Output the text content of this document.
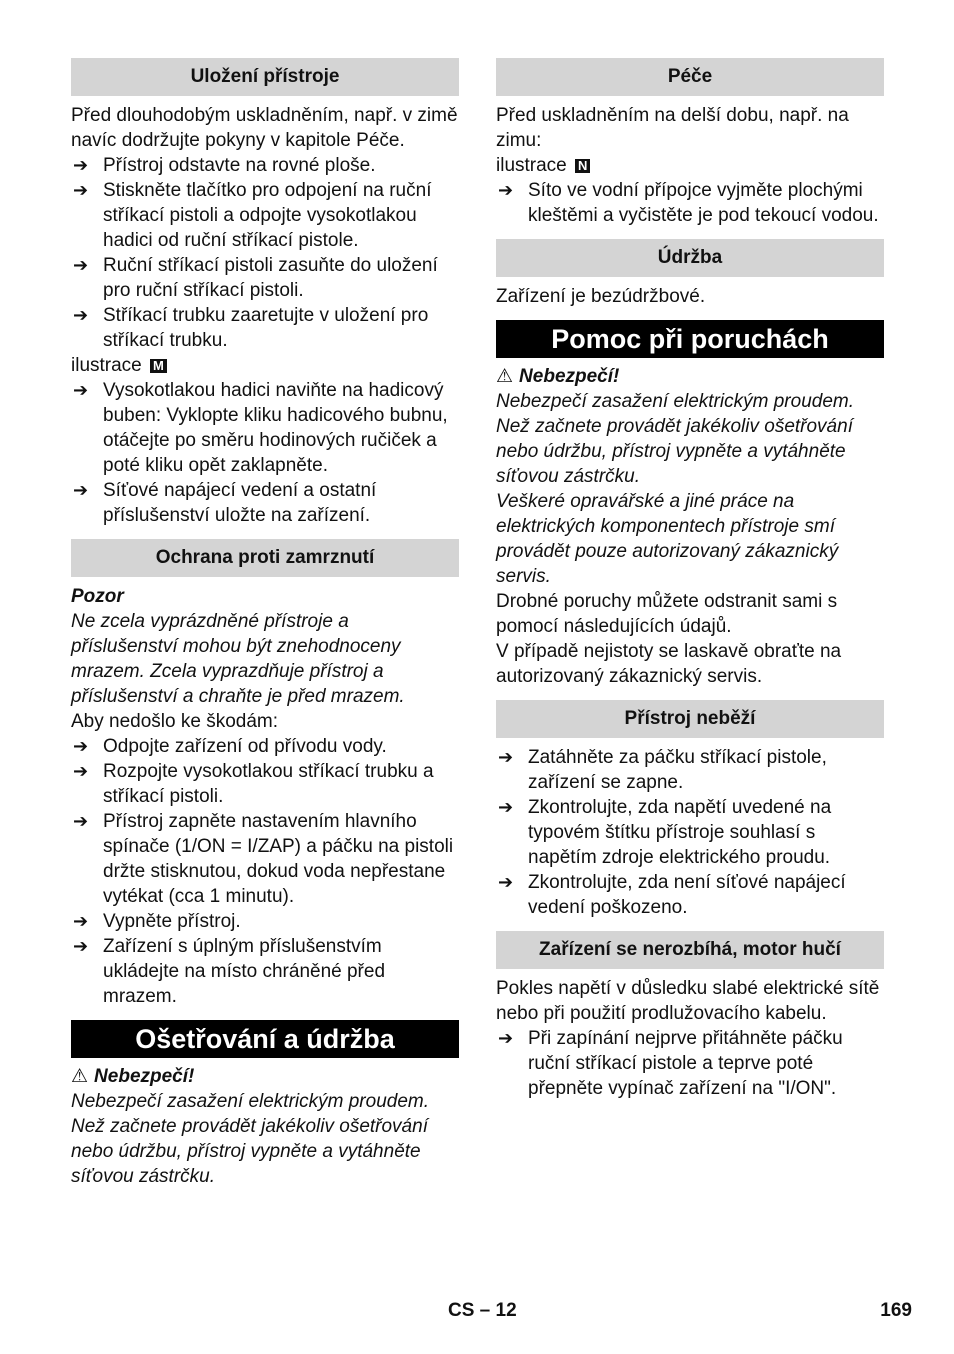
Uložení přístroje

Před dlouhodobým uskladněním, např. v zimě navíc dodržujte pokyny v kapitole Péče.

➔ Přístroj odstavte na rovné ploše.
➔ Stiskněte tlačítko pro odpojení na ruční stříkací pistoli a odpojte vysokotlakou hadici od ruční stříkací pistole.
➔ Ruční stříkací pistoli zasuňte do uložení pro ruční stříkací pistoli.
➔ Stříkací trubku zaaretujte v uložení pro stříkací trubku.

ilustrace M

➔ Vysokotlakou hadici naviňte na hadicový buben: Vyklopte kliku hadicového bubnu, otáčejte po směru hodinových ručiček a poté kliku opět zaklapněte.
➔ Síťové napájecí vedení a ostatní příslušenství uložte na zařízení.
Ochrana proti zamrznutí

Pozor

Ne zcela vyprázdněné přístroje a příslušenství mohou být znehodnoceny mrazem. Zcela vyprazdňuje přístroj a příslušenství a chraňte je před mrazem.

Aby nedošlo ke škodám:

➔ Odpojte zařízení od přívodu vody.
➔ Rozpojte vysokotlakou stříkací trubku a stříkací pistoli.
➔ Přístroj zapněte nastavením hlavního spínače (1/ON = I/ZAP) a páčku na pistoli držte stisknutou, dokud voda nepřestane vytékat (cca 1 minutu).
➔ Vypněte přístroj.
➔ Zařízení s úplným příslušenstvím ukládejte na místo chráněné před mrazem.
Ošetřování a údržba

⚠ Nebezpečí!

Nebezpečí zasažení elektrickým proudem. Než začnete provádět jakékoliv ošetřování nebo údržbu, přístroj vypněte a vytáhněte síťovou zástrčku.

Péče

Před uskladněním na delší dobu, např. na zimu:

ilustrace N

➔ Síto ve vodní přípojce vyjměte plochými kleštěmi a vyčistěte je pod tekoucí vodou.
Údržba

Zařízení je bezúdržbové.

Pomoc při poruchách

⚠ Nebezpečí!

Nebezpečí zasažení elektrickým proudem. Než začnete provádět jakékoliv ošetřování nebo údržbu, přístroj vypněte a vytáhněte síťovou zástrčku.

Veškeré opravářské a jiné práce na elektrických komponentech přístroje smí provádět pouze autorizovaný zákaznický servis.

Drobné poruchy můžete odstranit sami s pomocí následujících údajů.

V případě nejistoty se laskavě obraťte na autorizovaný zákaznický servis.

Přístroj neběží
➔ Zatáhněte za páčku stříkací pistole, zařízení se zapne.
➔ Zkontrolujte, zda napětí uvedené na typovém štítku přístroje souhlasí s napětím zdroje elektrického proudu.
➔ Zkontrolujte, zda není síťové napájecí vedení poškozeno.
Zařízení se nerozbíhá, motor hučí

Pokles napětí v důsledku slabé elektrické sítě nebo při použití prodlužovacího kabelu.

➔ Při zapínání nejprve přitáhněte páčku ruční stříkací pistole a teprve poté přepněte vypínač zařízení na "I/ON".
CS – 12	169
